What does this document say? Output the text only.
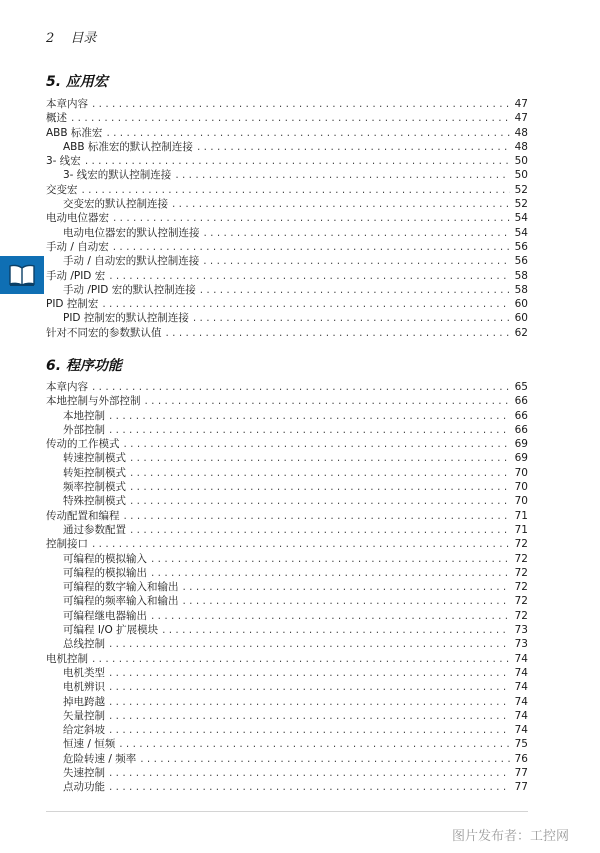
2 目录
5. 应用宏
本章内容 . . .	47
概述 . . .	47
ABB 标准宏 . . .	48
ABB 标准宏的默认控制连接 . . .	48
3- 线宏 . . .	50
3- 线宏的默认控制连接 . . .	50
交变宏 . . .	52
交变宏的默认控制连接 . . .	52
电动电位器宏 . . .	54
电动电位器宏的默认控制连接 . . .	54
手动 / 自动宏 . . .	56
手动 / 自动宏的默认控制连接 . . .	56
手动 /PID 宏 . . .	58
手动 /PID 宏的默认控制连接 . . .	58
PID 控制宏 . . .	60
PID 控制宏的默认控制连接 . . .	60
针对不同宏的参数默认值 . . .	62
6. 程序功能
本章内容 . . .	65
本地控制与外部控制 . . .	66
本地控制 . . .	66
外部控制 . . .	66
传动的工作模式 . . .	69
转速控制模式 . . .	69
转矩控制模式 . . .	70
频率控制模式 . . .	70
特殊控制模式 . . .	70
传动配置和编程 . . .	71
通过参数配置 . . .	71
控制接口 . . .	72
可编程的模拟输入 . . .	72
可编程的模拟输出 . . .	72
可编程的数字输入和输出 . . .	72
可编程的频率输入和输出 . . .	72
可编程继电器输出 . . .	72
可编程 I/O 扩展模块 . . .	73
总线控制 . . .	73
电机控制 . . .	74
电机类型 . . .	74
电机辨识 . . .	74
掉电跨越 . . .	74
矢量控制 . . .	74
给定斜坡 . . .	74
恒速 / 恒频 . . .	75
危险转速 / 频率 . . .	76
失速控制 . . .	77
点动功能 . . .	77
图片发布者：工控网
